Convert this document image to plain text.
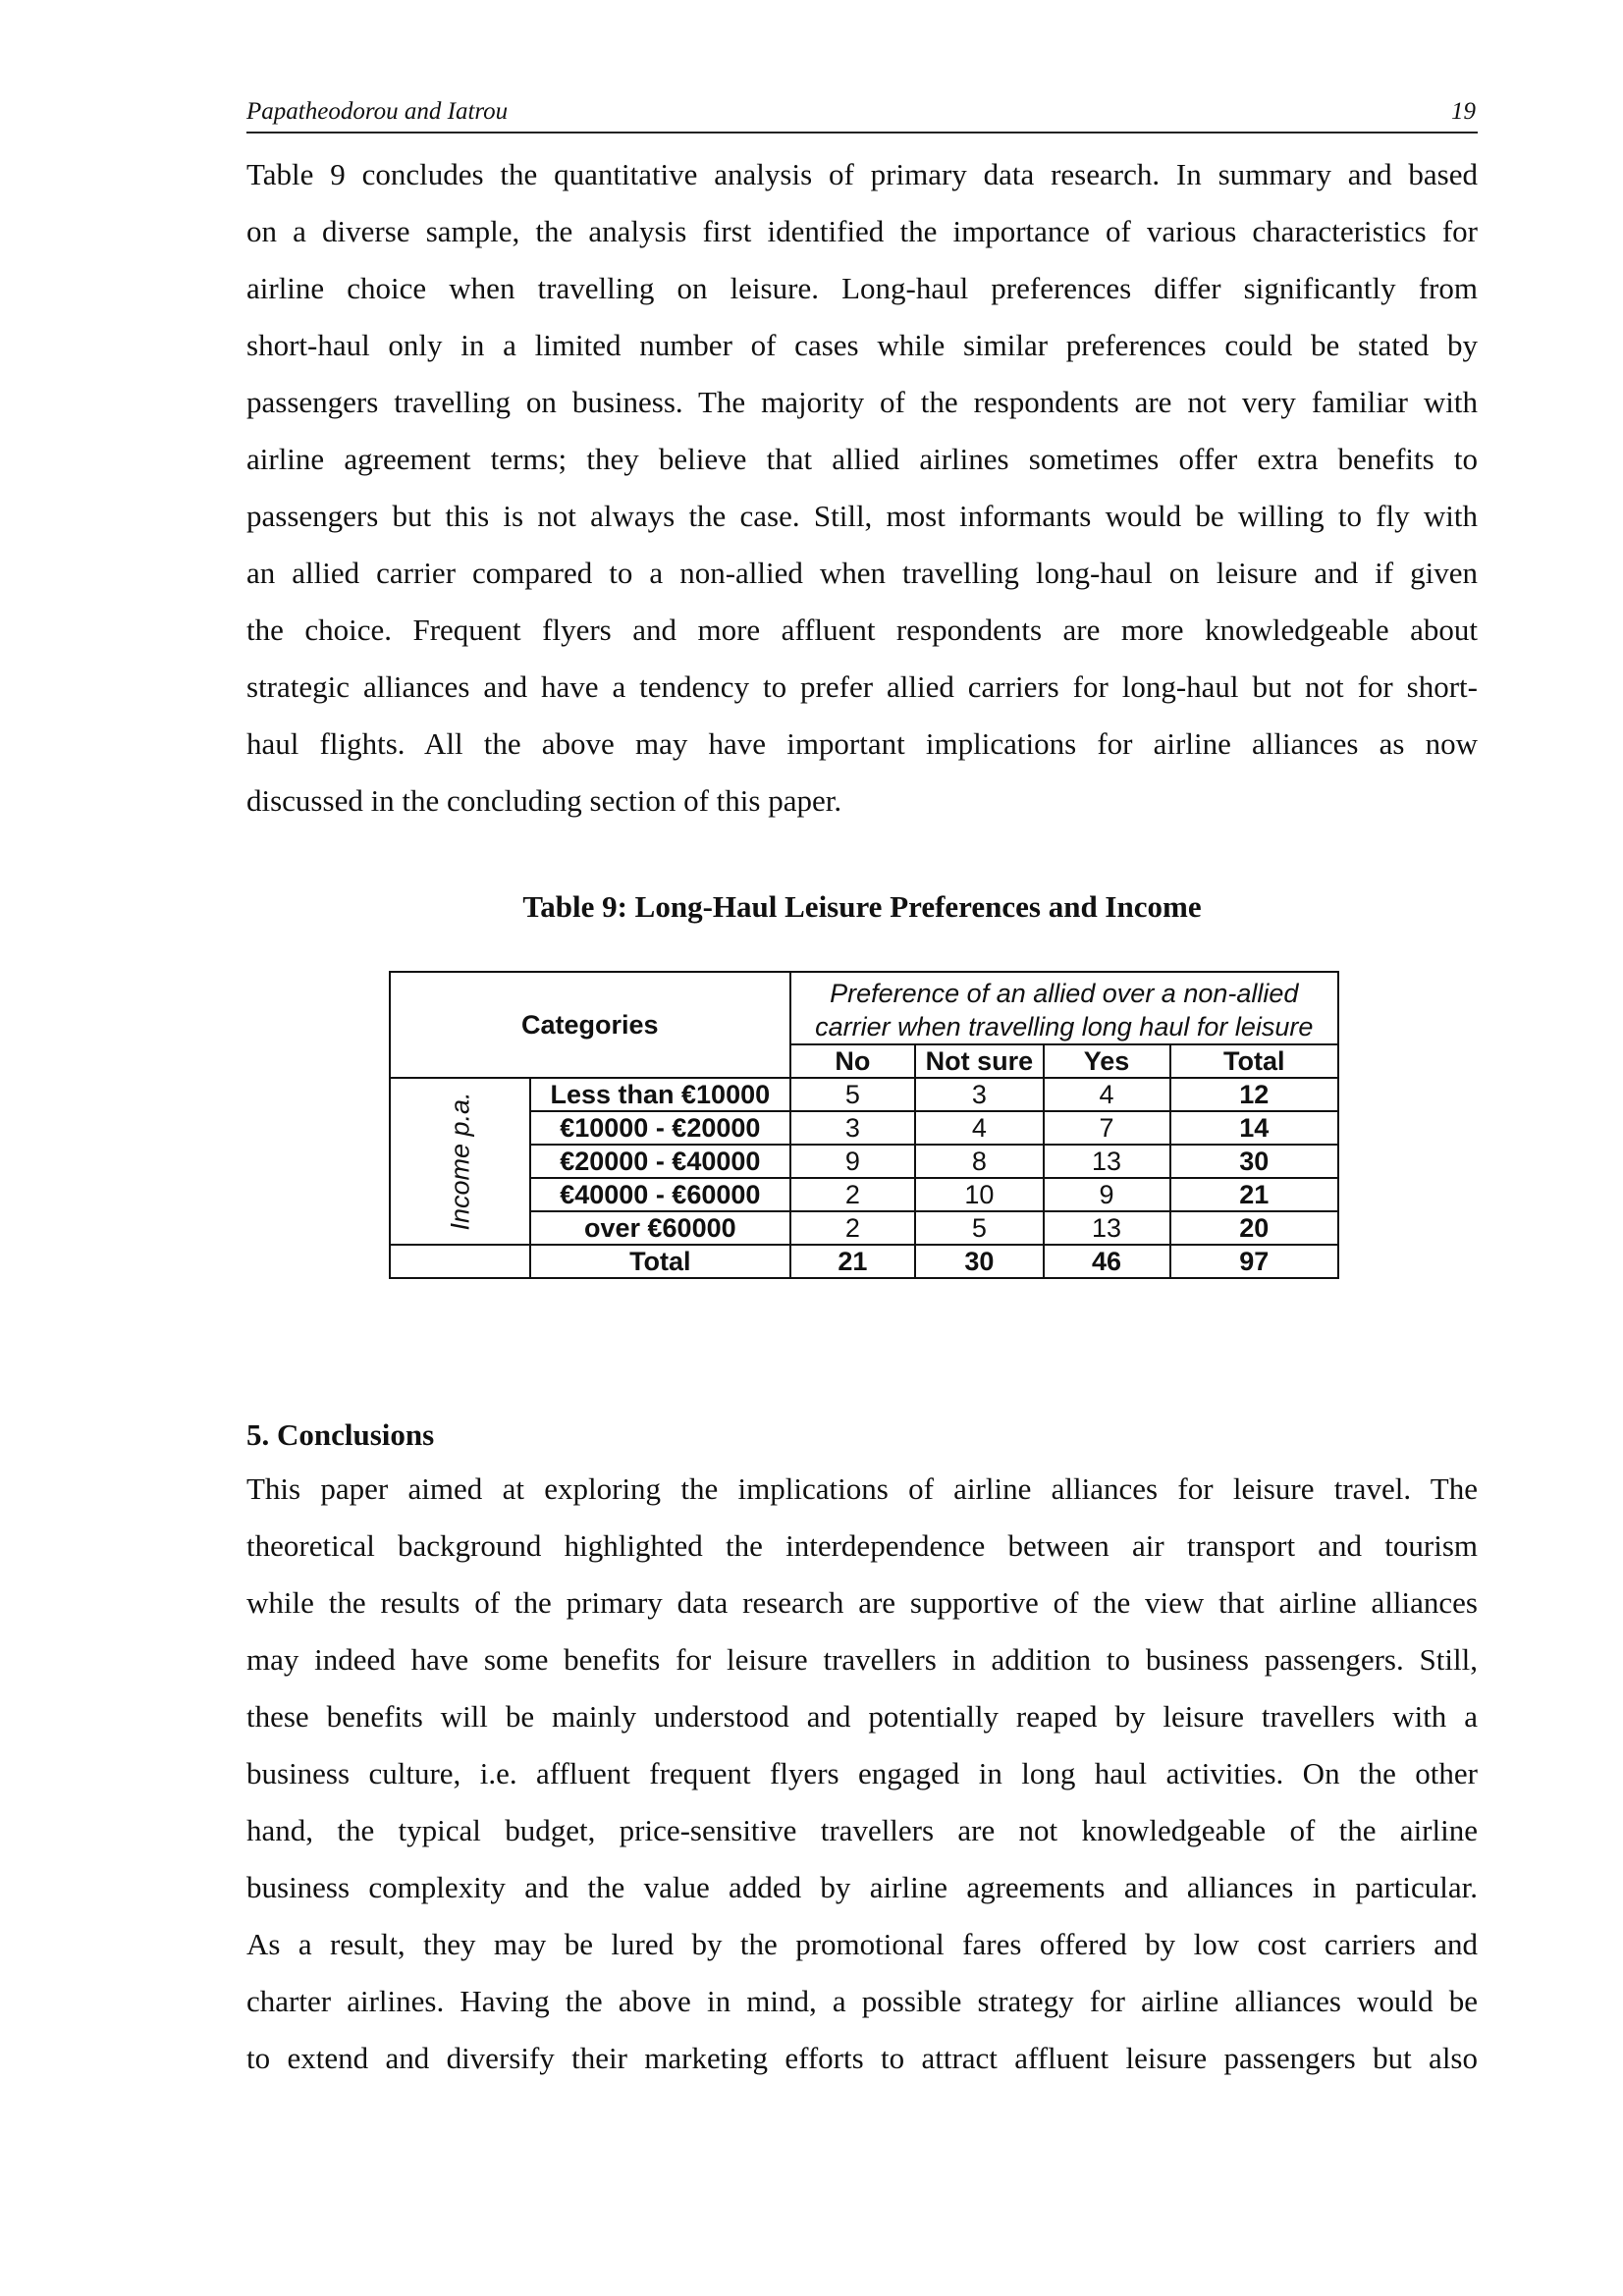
Papatheodorou and Iatrou	19
Table 9 concludes the quantitative analysis of primary data research. In summary and based
on a diverse sample, the analysis first identified the importance of various characteristics for
airline choice when travelling on leisure. Long-haul preferences differ significantly from
short-haul only in a limited number of cases while similar preferences could be stated by
passengers travelling on business. The majority of the respondents are not very familiar with
airline agreement terms; they believe that allied airlines sometimes offer extra benefits to
passengers but this is not always the case. Still, most informants would be willing to fly with
an allied carrier compared to a non-allied when travelling long-haul on leisure and if given
the choice. Frequent flyers and more affluent respondents are more knowledgeable about
strategic alliances and have a tendency to prefer allied carriers for long-haul but not for short-
haul flights. All the above may have important implications for airline alliances as now
discussed in the concluding section of this paper.
Table 9: Long-Haul Leisure Preferences and Income
Categories		Preference of an allied over a non-allied carrier when travelling long haul for leisure			
		No	Not sure	Yes	Total
Income p.a.	Less than €10000	5	3	4	12
	€10000 - €20000	3	4	7	14
	€20000 - €40000	9	8	13	30
	€40000 - €60000	2	10	9	21
	over €60000	2	5	13	20
	Total	21	30	46	97
5. Conclusions
This paper aimed at exploring the implications of airline alliances for leisure travel. The
theoretical background highlighted the interdependence between air transport and tourism
while the results of the primary data research are supportive of the view that airline alliances
may indeed have some benefits for leisure travellers in addition to business passengers. Still,
these benefits will be mainly understood and potentially reaped by leisure travellers with a
business culture, i.e. affluent frequent flyers engaged in long haul activities. On the other
hand, the typical budget, price-sensitive travellers are not knowledgeable of the airline
business complexity and the value added by airline agreements and alliances in particular.
As a result, they may be lured by the promotional fares offered by low cost carriers and
charter airlines. Having the above in mind, a possible strategy for airline alliances would be
to extend and diversify their marketing efforts to attract affluent leisure passengers but also
